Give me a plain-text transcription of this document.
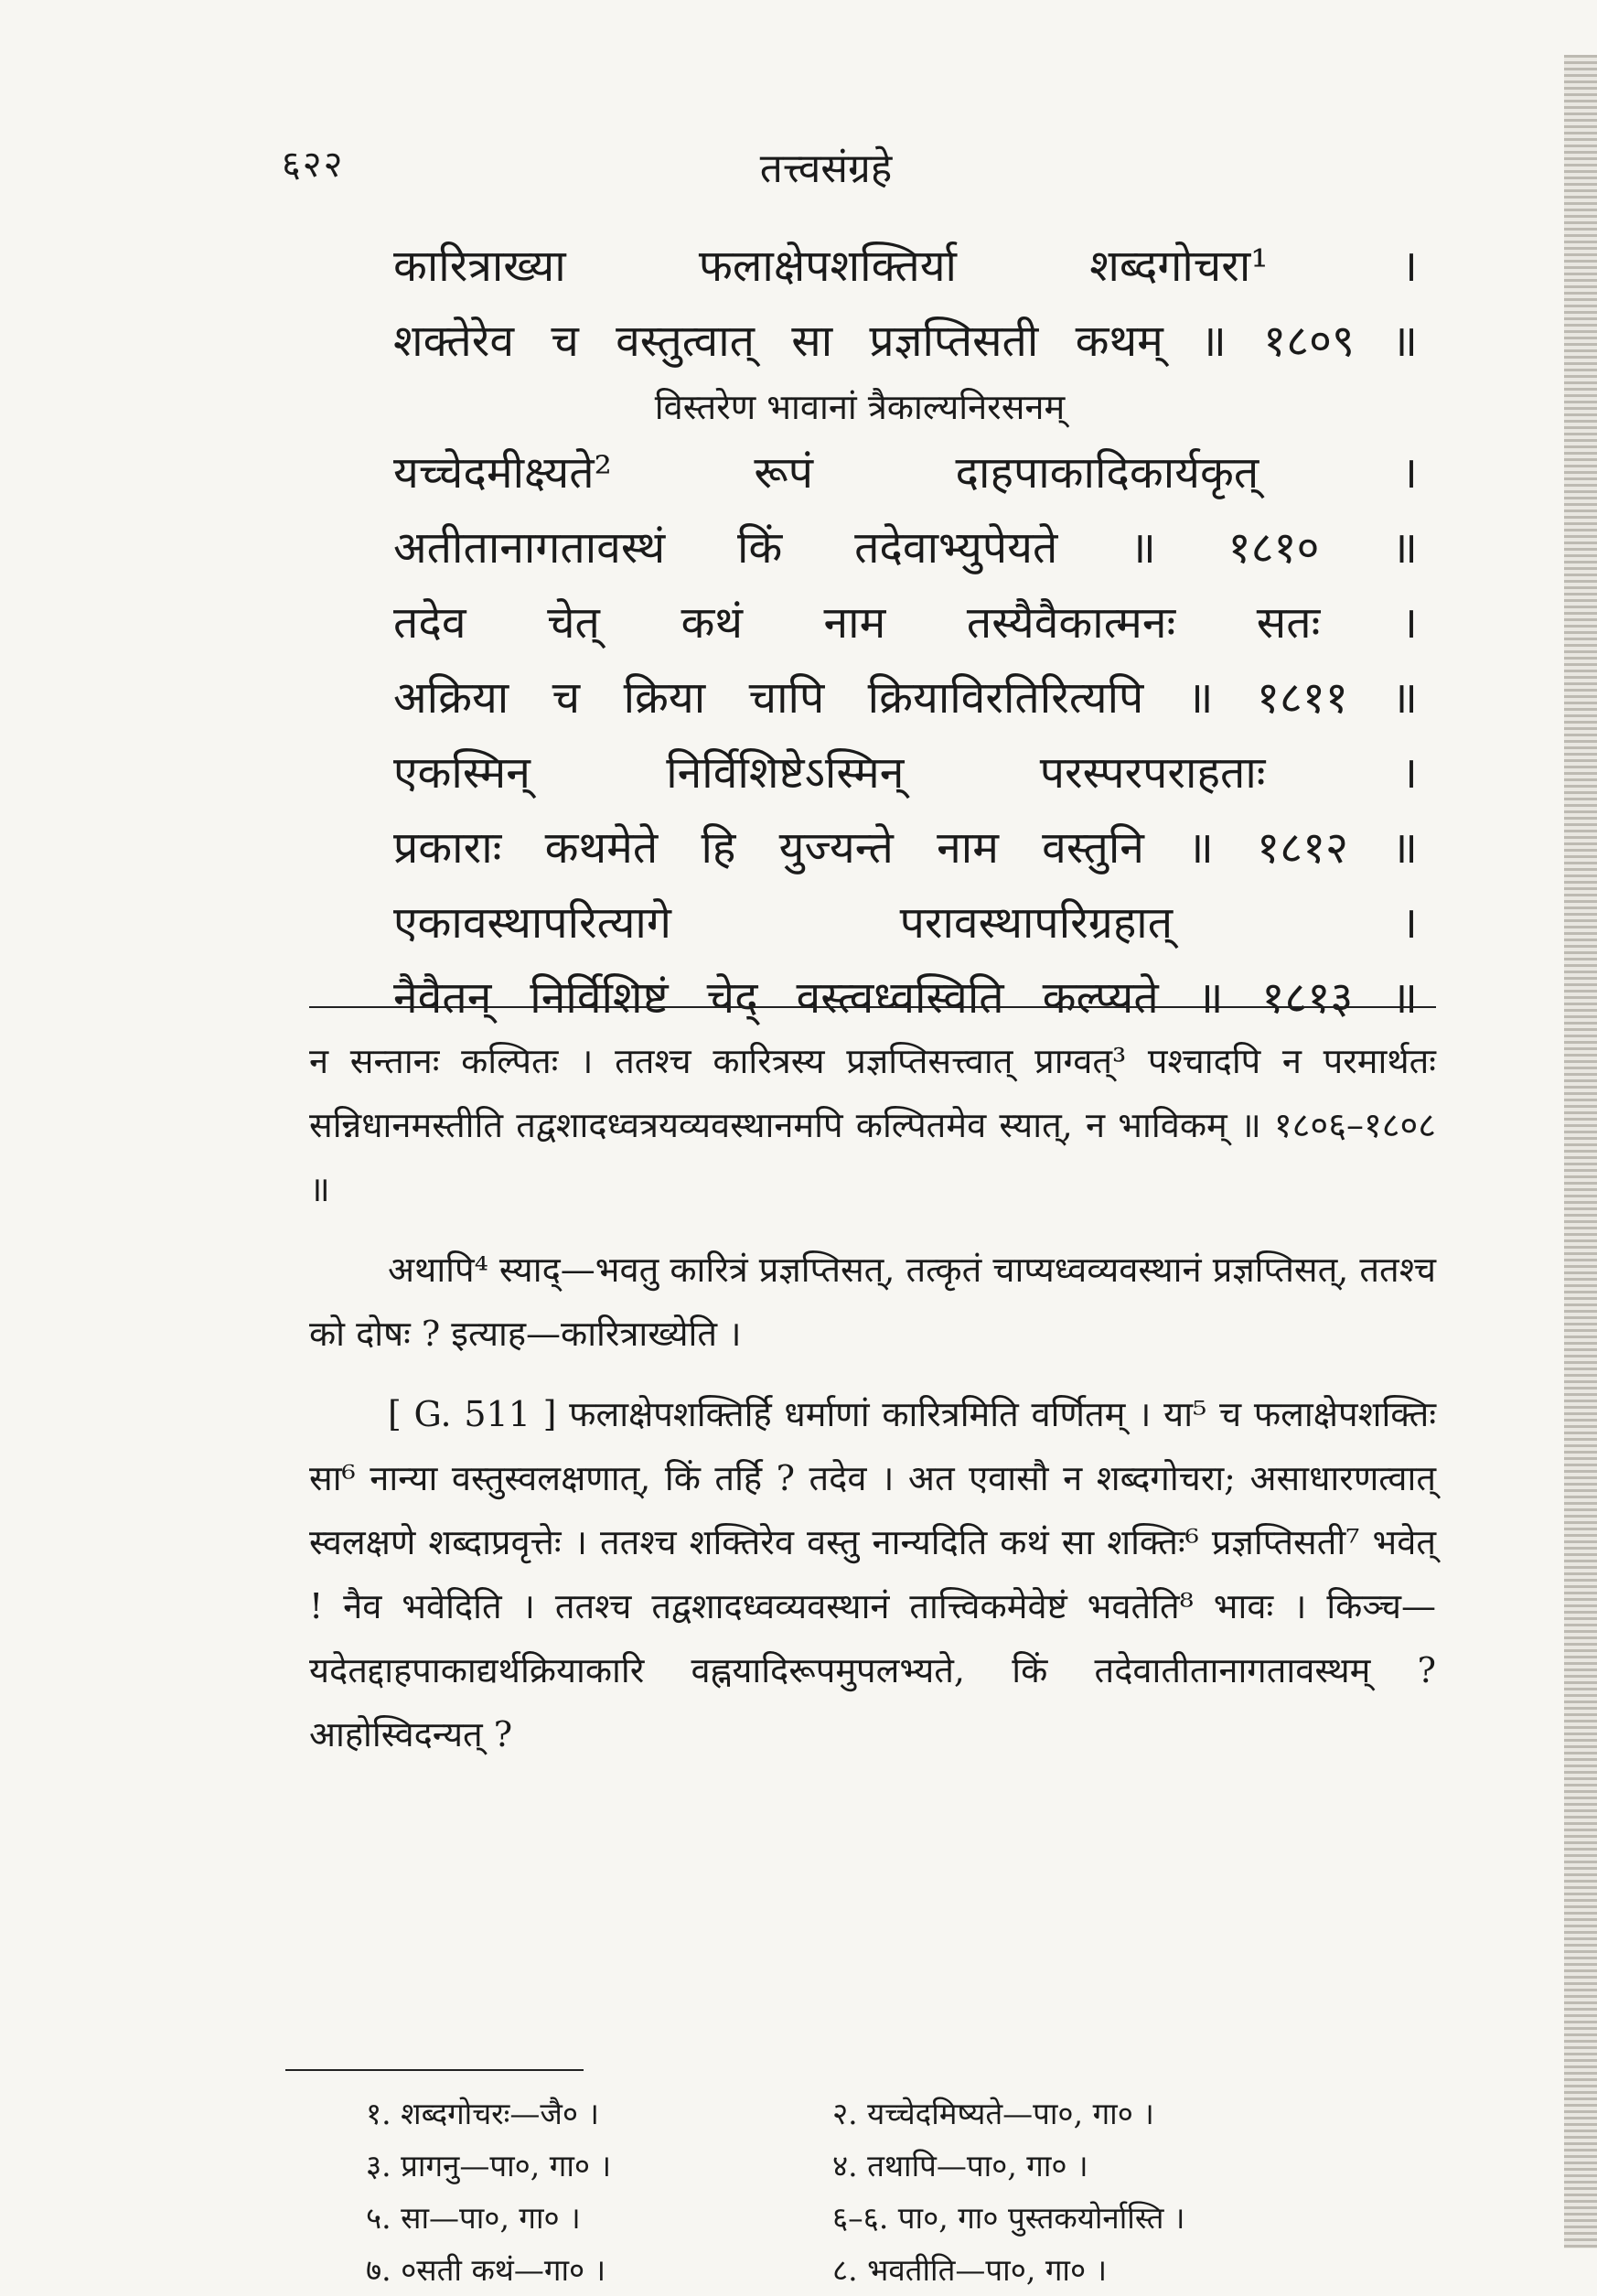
६२२	तत्त्वसंग्रहे
कारित्राख्या फलाक्षेपशक्तिर्या शब्दगोचरा¹ ।
शक्तेरेव च वस्तुत्वात् सा प्रज्ञप्तिसती कथम् ॥ १८०९ ॥
विस्तरेण भावानां त्रैकाल्यनिरसनम्
यच्चेदमीक्ष्यते² रूपं दाहपाकादिकार्यकृत् ।
अतीतानागतावस्थं किं तदेवाभ्युपेयते ॥ १८१० ॥
तदेव चेत् कथं नाम तस्यैवैकात्मनः सतः ।
अक्रिया च क्रिया चापि क्रियाविरतिरित्यपि ॥ १८११ ॥
एकस्मिन् निर्विशिष्टेऽस्मिन् परस्परपराहताः ।
प्रकाराः कथमेते हि युज्यन्ते नाम वस्तुनि ॥ १८१२ ॥
एकावस्थापरित्यागे परावस्थापरिग्रहात् ।
नैवैतन् निर्विशिष्टं चेद् वस्त्वध्वस्विति कल्प्यते ॥ १८१३ ॥

न सन्तानः कल्पितः । ततश्च कारित्रस्य प्रज्ञप्तिसत्त्वात् प्राग्वत्³ पश्चादपि न परमार्थतः सन्निधानमस्तीति तद्वशादध्वत्रयव्यवस्थानमपि कल्पितमेव स्यात्, न भाविकम् ॥ १८०६–१८०८ ॥

अथापि⁴ स्याद्—भवतु कारित्रं प्रज्ञप्तिसत्, तत्कृतं चाप्यध्वव्यवस्थानं प्रज्ञप्तिसत्, ततश्च को दोषः ? इत्याह—कारित्राख्येति ।

[ G. 511 ] फलाक्षेपशक्तिर्हि धर्माणां कारित्रमिति वर्णितम् । या⁵ च फलाक्षेपशक्तिः सा⁶ नान्या वस्तुस्वलक्षणात्, किं तर्हि ? तदेव । अत एवासौ न शब्दगोचरा; असाधारणत्वात् स्वलक्षणे शब्दाप्रवृत्तेः । ततश्च शक्तिरेव वस्तु नान्यदिति कथं सा शक्तिः⁶ प्रज्ञप्तिसती⁷ भवेत् ! नैव भवेदिति । ततश्च तद्वशादध्वव्यवस्थानं तात्त्विकमेवेष्टं भवतेति⁸ भावः । किञ्च—यदेतद्दाहपाकाद्यर्थक्रियाकारि वह्नयादिरूपमुपलभ्यते, किं तदेवातीतानागतावस्थम् ? आहोस्विदन्यत् ?

१. शब्दगोचरः—जै० ।	२. यच्चेदमिष्यते—पा०, गा० ।
३. प्रागनु—पा०, गा० ।	४. तथापि—पा०, गा० ।
५. सा—पा०, गा० ।	६–६. पा०, गा० पुस्तकयोर्नास्ति ।
७. ०सती कथं—गा० ।	८. भवतीति—पा०, गा० ।
